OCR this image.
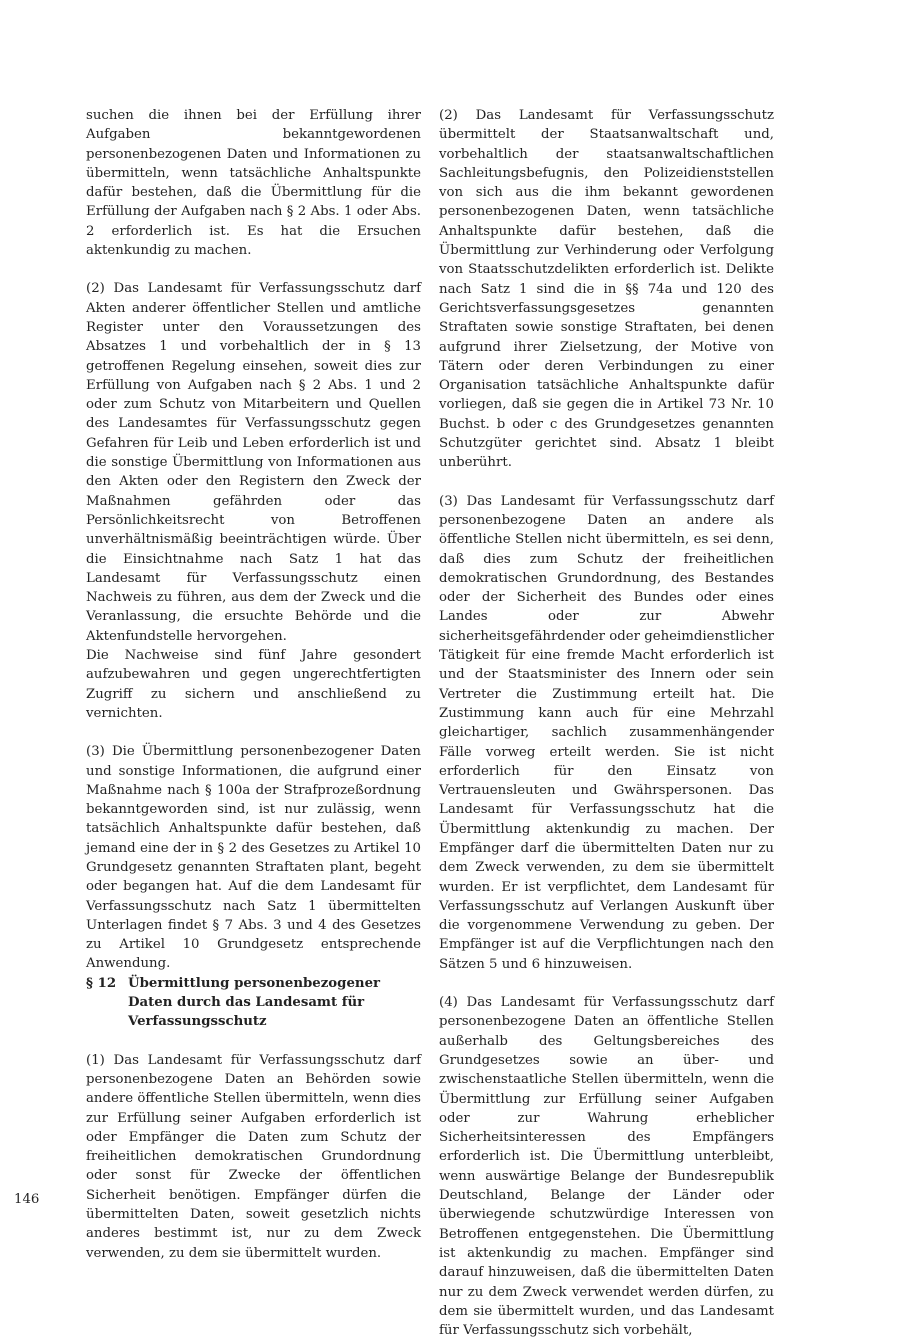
suchen die ihnen bei der Erfüllung ihrer Aufgaben bekanntgewordenen personenbezogenen Daten und Informationen zu übermitteln, wenn tatsächliche Anhaltspunkte dafür bestehen, daß die Übermittlung für die Erfüllung der Aufgaben nach § 2 Abs. 1 oder Abs. 2 erforderlich ist. Es hat die Ersuchen aktenkundig zu machen.

(2) Das Landesamt für Verfassungsschutz darf Akten anderer öffentlicher Stellen und amtliche Register unter den Voraussetzungen des Absatzes 1 und vorbehaltlich der in § 13 getroffenen Regelung einsehen, soweit dies zur Erfüllung von Aufgaben nach § 2 Abs. 1 und 2 oder zum Schutz von Mitarbeitern und Quellen des Landesamtes für Verfassungsschutz gegen Gefahren für Leib und Leben erforderlich ist und die sonstige Übermittlung von Informationen aus den Akten oder den Registern den Zweck der Maßnahmen gefährden oder das Persönlichkeitsrecht von Betroffenen unverhältnismäßig beeinträchtigen würde. Über die Einsichtnahme nach Satz 1 hat das Landesamt für Verfassungsschutz einen Nachweis zu führen, aus dem der Zweck und die Veranlassung, die ersuchte Behörde und die Aktenfundstelle hervorgehen.

Die Nachweise sind fünf Jahre gesondert aufzubewahren und gegen ungerechtfertigten Zugriff zu sichern und anschließend zu vernichten.

(3) Die Übermittlung personenbezogener Daten und sonstige Informationen, die aufgrund einer Maßnahme nach § 100a der Strafprozeßordnung bekanntgeworden sind, ist nur zulässig, wenn tatsächlich Anhaltspunkte dafür bestehen, daß jemand eine der in § 2 des Gesetzes zu Artikel 10 Grundgesetz genannten Straftaten plant, begeht oder begangen hat. Auf die dem Landesamt für Verfassungsschutz nach Satz 1 übermittelten Unterlagen findet § 7 Abs. 3 und 4 des Gesetzes zu Artikel 10 Grundgesetz entsprechende Anwendung.

§ 12 Übermittlung personenbezogener Daten durch das Landesamt für Verfassungsschutz

(1) Das Landesamt für Verfassungsschutz darf personenbezogene Daten an Behörden sowie andere öffentliche Stellen übermitteln, wenn dies zur Erfüllung seiner Aufgaben erforderlich ist oder Empfänger die Daten zum Schutz der freiheitlichen demokratischen Grundordnung oder sonst für Zwecke der öffentlichen Sicherheit benötigen. Empfänger dürfen die übermittelten Daten, soweit gesetzlich nichts anderes bestimmt ist, nur zu dem Zweck verwenden, zu dem sie übermittelt wurden.

(2) Das Landesamt für Verfassungsschutz übermittelt der Staatsanwaltschaft und, vorbehaltlich der staatsanwaltschaftlichen Sachleitungsbefugnis, den Polizeidienststellen von sich aus die ihm bekannt gewordenen personenbezogenen Daten, wenn tatsächliche Anhaltspunkte dafür bestehen, daß die Übermittlung zur Verhinderung oder Verfolgung von Staatsschutzdelikten erforderlich ist. Delikte nach Satz 1 sind die in §§ 74a und 120 des Gerichtsverfassungsgesetzes genannten Straftaten sowie sonstige Straftaten, bei denen aufgrund ihrer Zielsetzung, der Motive von Tätern oder deren Verbindungen zu einer Organisation tatsächliche Anhaltspunkte dafür vorliegen, daß sie gegen die in Artikel 73 Nr. 10 Buchst. b oder c des Grundgesetzes genannten Schutzgüter gerichtet sind. Absatz 1 bleibt unberührt.

(3) Das Landesamt für Verfassungsschutz darf personenbezogene Daten an andere als öffentliche Stellen nicht übermitteln, es sei denn, daß dies zum Schutz der freiheitlichen demokratischen Grundordnung, des Bestandes oder der Sicherheit des Bundes oder eines Landes oder zur Abwehr sicherheitsgefährdender oder geheimdienstlicher Tätigkeit für eine fremde Macht erforderlich ist und der Staatsminister des Innern oder sein Vertreter die Zustimmung erteilt hat. Die Zustimmung kann auch für eine Mehrzahl gleichartiger, sachlich zusammenhängender Fälle vorweg erteilt werden. Sie ist nicht erforderlich für den Einsatz von Vertrauensleuten und Gwährspersonen. Das Landesamt für Verfassungsschutz hat die Übermittlung aktenkundig zu machen. Der Empfänger darf die übermittelten Daten nur zu dem Zweck verwenden, zu dem sie übermittelt wurden. Er ist verpflichtet, dem Landesamt für Verfassungsschutz auf Verlangen Auskunft über die vorgenommene Verwendung zu geben. Der Empfänger ist auf die Verpflichtungen nach den Sätzen 5 und 6 hinzuweisen.

(4) Das Landesamt für Verfassungsschutz darf personenbezogene Daten an öffentliche Stellen außerhalb des Geltungsbereiches des Grundgesetzes sowie an über- und zwischenstaatliche Stellen übermitteln, wenn die Übermittlung zur Erfüllung seiner Aufgaben oder zur Wahrung erheblicher Sicherheitsinteressen des Empfängers erforderlich ist. Die Übermittlung unterbleibt, wenn auswärtige Belange der Bundesrepublik Deutschland, Belange der Länder oder überwiegende schutzwürdige Interessen von Betroffenen entgegenstehen. Die Übermittlung ist aktenkundig zu machen. Empfänger sind darauf hinzuweisen, daß die übermittelten Daten nur zu dem Zweck verwendet werden dürfen, zu dem sie übermittelt wurden, und das Landesamt für Verfassungsschutz sich vorbehält,

146
